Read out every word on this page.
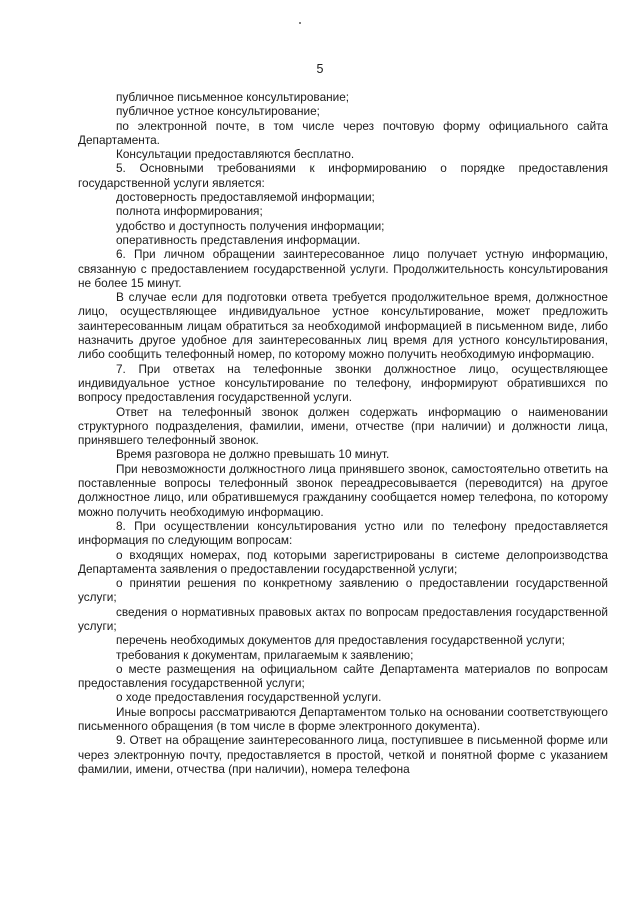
5

публичное письменное консультирование;

публичное устное консультирование;

по электронной почте, в том числе через почтовую форму официального сайта Департамента.

Консультации предоставляются бесплатно.

5. Основными требованиями к информированию о порядке предоставления государственной услуги является:

достоверность предоставляемой информации;

полнота информирования;

удобство и доступность получения информации;

оперативность представления информации.

6. При личном обращении заинтересованное лицо получает устную информацию, связанную с предоставлением государственной услуги. Продолжительность консультирования не более 15 минут.

В случае если для подготовки ответа требуется продолжительное время, должностное лицо, осуществляющее индивидуальное устное консультирование, может предложить заинтересованным лицам обратиться за необходимой информацией в письменном виде, либо назначить другое удобное для заинтересованных лиц время для устного консультирования, либо сообщить телефонный номер, по которому можно получить необходимую информацию.

7. При ответах на телефонные звонки должностное лицо, осуществляющее индивидуальное устное консультирование по телефону, информируют обратившихся по вопросу предоставления государственной услуги.

Ответ на телефонный звонок должен содержать информацию о наименовании структурного подразделения, фамилии, имени, отчестве (при наличии) и должности лица, принявшего телефонный звонок.

Время разговора не должно превышать 10 минут.

При невозможности должностного лица принявшего звонок, самостоятельно ответить на поставленные вопросы телефонный звонок переадресовывается (переводится) на другое должностное лицо, или обратившемуся гражданину сообщается номер телефона, по которому можно получить необходимую информацию.

8. При осуществлении консультирования устно или по телефону предоставляется информация по следующим вопросам:

о входящих номерах, под которыми зарегистрированы в системе делопроизводства Департамента заявления о предоставлении государственной услуги;

о принятии решения по конкретному заявлению о предоставлении государственной услуги;

сведения о нормативных правовых актах по вопросам предоставления государственной услуги;

перечень необходимых документов для предоставления государственной услуги;

требования к документам, прилагаемым к заявлению;

о месте размещения на официальном сайте Департамента материалов по вопросам предоставления государственной услуги;

о ходе предоставления государственной услуги.

Иные вопросы рассматриваются Департаментом только на основании соответствующего письменного обращения (в том числе в форме электронного документа).

9. Ответ на обращение заинтересованного лица, поступившее в письменной форме или через электронную почту, предоставляется в простой, четкой и понятной форме с указанием фамилии, имени, отчества (при наличии), номера телефона
